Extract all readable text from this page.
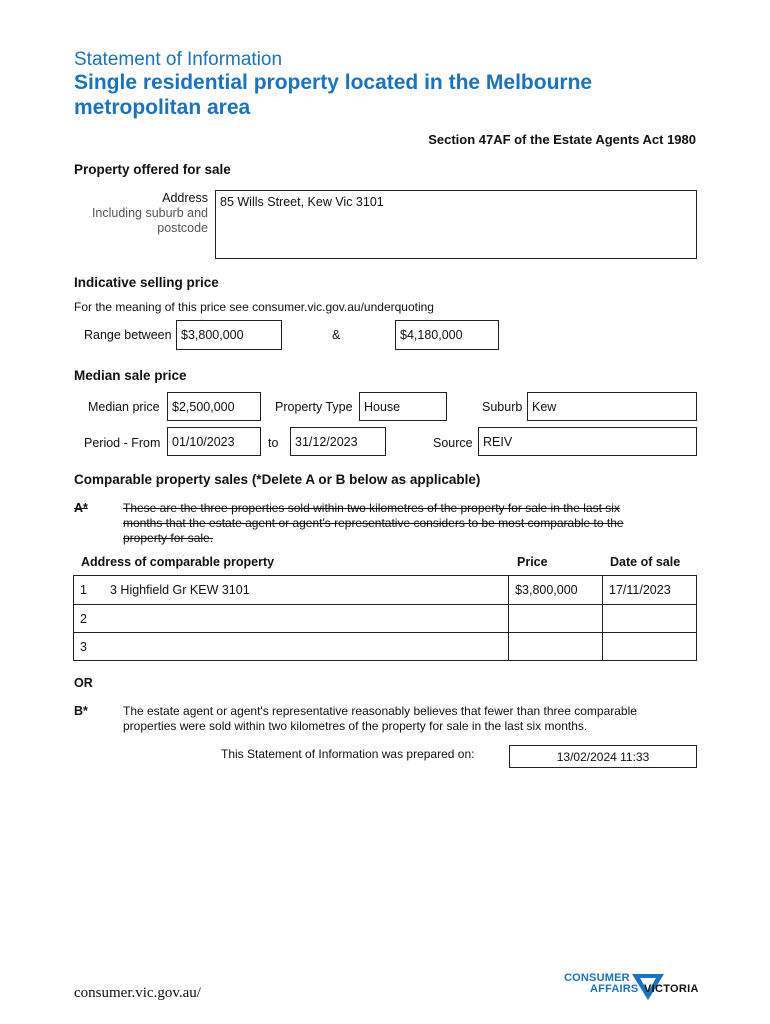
Statement of Information
Single residential property located in the Melbourne
metropolitan area
Section 47AF of the Estate Agents Act 1980
Property offered for sale
Address
Including suburb and
postcode
85 Wills Street, Kew Vic 3101
Indicative selling price
For the meaning of this price see consumer.vic.gov.au/underquoting
Range between $3,800,000	&	$4,180,000
Median sale price
Median price $2,500,000	Property Type House	Suburb Kew
Period - From 01/10/2023	to	31/12/2023	Source REIV
Comparable property sales (*Delete A or B below as applicable)
A*	These are the three properties sold within two kilometres of the property for sale in the last six
months that the estate agent or agent's representative considers to be most comparable to the
property for sale.
Address of comparable property	Price	Date of sale
1 3 Highfield Gr KEW 3101	$3,800,000	17/11/2023
2		
3		
OR
B*	The estate agent or agent's representative reasonably believes that fewer than three comparable
properties were sold within two kilometres of the property for sale in the last six months.
This Statement of Information was prepared on:	13/02/2024 11:33
consumer.vic.gov.au/
CONSUMER
AFFAIRS VICTORIA
